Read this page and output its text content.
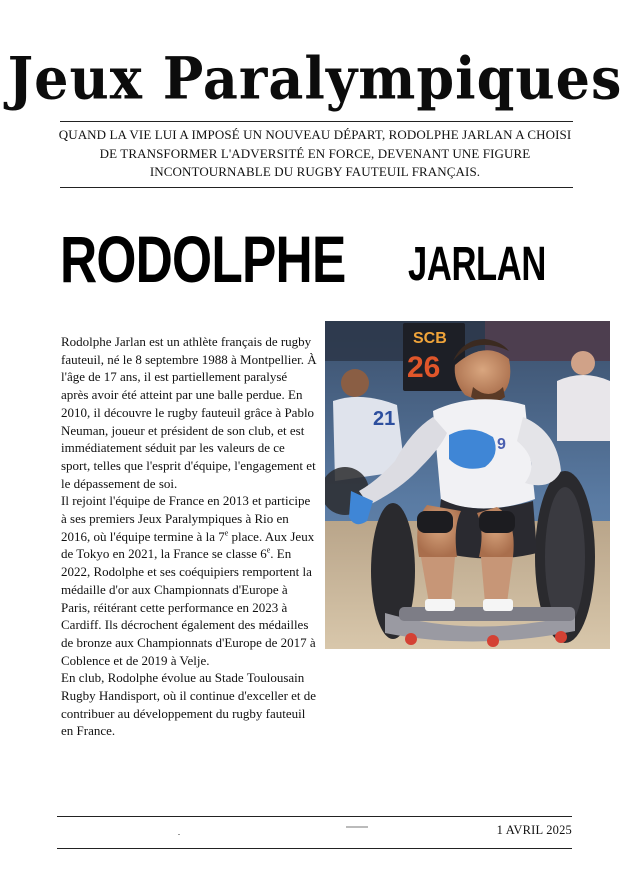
Jeux Paralympiques
QUAND LA VIE LUI A IMPOSÉ UN NOUVEAU DÉPART, RODOLPHE JARLAN A CHOISI DE TRANSFORMER L'ADVERSITÉ EN FORCE, DEVENANT UNE FIGURE INCONTOURNABLE DU RUGBY FAUTEUIL FRANÇAIS.
RODOLPHE JARLAN

Rodolphe Jarlan est un athlète français de rugby fauteuil, né le 8 septembre 1988 à Montpellier. À l'âge de 17 ans, il est partiellement paralysé après avoir été atteint par une balle perdue. En 2010, il découvre le rugby fauteuil grâce à Pablo Neuman, joueur et président de son club, et est immédiatement séduit par les valeurs de ce sport, telles que l'esprit d'équipe, l'engagement et le dépassement de soi.

Il rejoint l'équipe de France en 2013 et participe à ses premiers Jeux Paralympiques à Rio en 2016, où l'équipe termine à la 7e place. Aux Jeux de Tokyo en 2021, la France se classe 6e. En 2022, Rodolphe et ses coéquipiers remportent la médaille d'or aux Championnats d'Europe à Paris, réitérant cette performance en 2023 à Cardiff. Ils décrochent également des médailles de bronze aux Championnats d'Europe de 2017 à Coblence et de 2019 à Velje.

En club, Rodolphe évolue au Stade Toulousain Rugby Handisport, où il continue d'exceller et de contribuer au développement du rugby fauteuil en France.

SCB
26
21
9
1 AVRIL 2025
